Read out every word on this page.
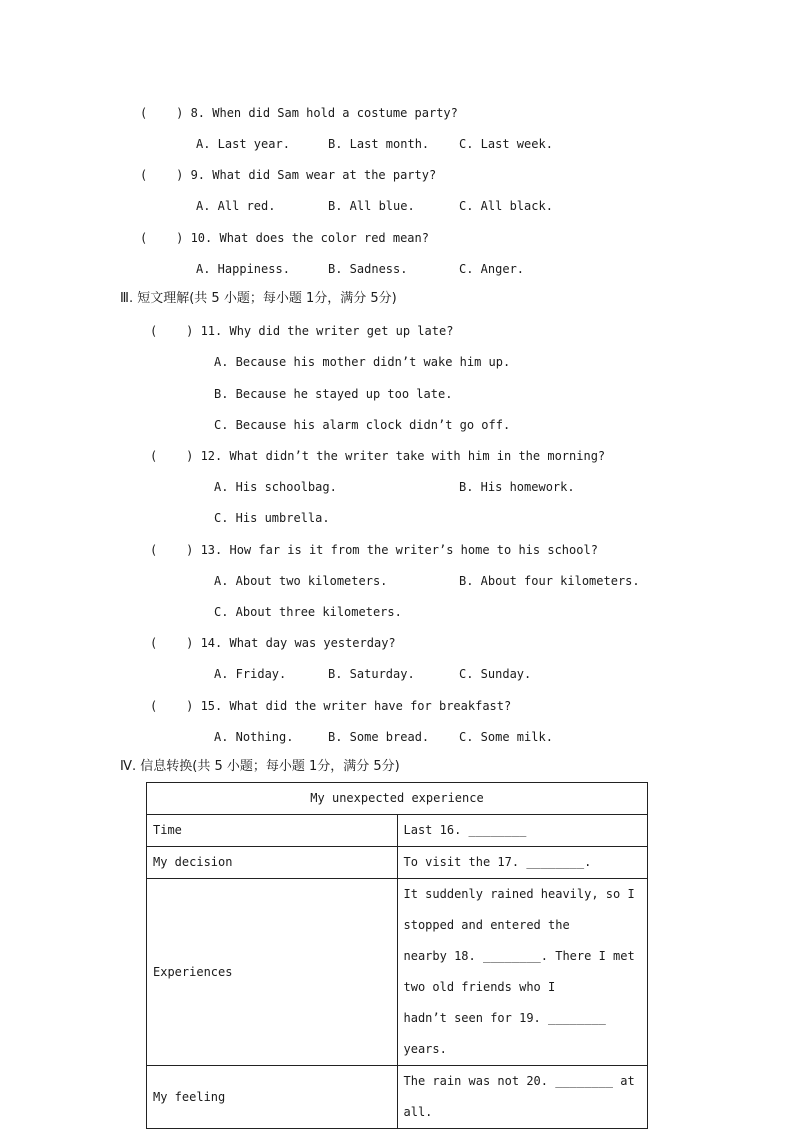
(    ) 8. When did Sam hold a costume party?
A. Last year.	B. Last month. C. Last week.
(    ) 9. What did Sam wear at the party?
A. All red.	B. All blue.	C. All black.
(    ) 10. What does the color red mean?
A. Happiness.	B. Sadness.	C. Anger.
Ⅲ. 短文理解(共 5 小题；每小题 1分，满分 5分)
(    ) 11. Why did the writer get up late?
A. Because his mother didn’t wake him up.
B. Because he stayed up too late.
C. Because his alarm clock didn’t go off.
(    ) 12. What didn’t the writer take with him in the morning?
A. His schoolbag.	B. His homework.
C. His umbrella.
(    ) 13. How far is it from the writer’s home to his school?
A. About two kilometers.	B. About four kilometers.
C. About three kilometers.
(    ) 14. What day was yesterday?
A. Friday.	B. Saturday.	C. Sunday.
(    ) 15. What did the writer have for breakfast?
A. Nothing.	B. Some bread. C. Some milk.
Ⅳ. 信息转换(共 5 小题；每小题 1分，满分 5分)
My unexpected experience	
Time	Last 16. ________
My decision	To visit the 17. ________.
Experiences	It suddenly rained heavily, so I stopped and entered the
nearby 18. ________. There I met two old friends who I
hadn’t seen for 19. ________ years.

My feeling	The rain was not 20. ________ at all.
